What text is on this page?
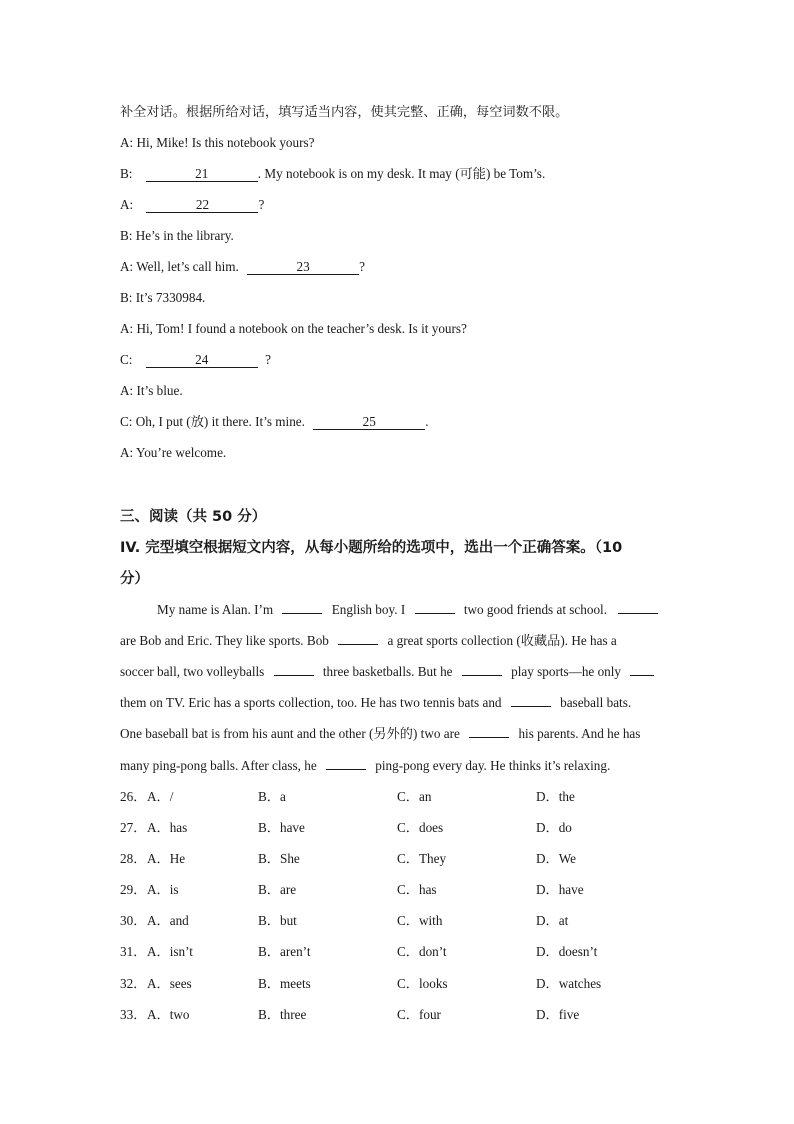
补全对话。根据所给对话，填写适当内容，使其完整、正确，每空词数不限。
A: Hi, Mike! Is this notebook yours?
B:	21	. My notebook is on my desk. It may (可能) be Tom’s.
A:	22	?
B: He’s in the library.
A: Well, let’s call him.	23	?
B: It’s 7330984.
A: Hi, Tom! I found a notebook on the teacher’s desk. Is it yours?
C:	24	?
A: It’s blue.
C: Oh, I put (放) it there. It’s mine.	25	.
A: You’re welcome.
三、阅读（共 50 分）
IV. 完型填空根据短文内容，从每小题所给的选项中，选出一个正确答案。（10
分）
My name is Alan. I’m	English boy. I	two good friends at school.
are Bob and Eric. They like sports. Bob	a great sports collection (收藏品). He has a
soccer ball, two volleyballs	three basketballs. But he	play sports—he only
them on TV. Eric has a sports collection, too. He has two tennis bats and	baseball bats.
One baseball bat is from his aunt and the other (另外的) two are	his parents. And he has
many ping-pong balls. After class, he	ping-pong every day. He thinks it’s relaxing.
26． A．/	B．a	C．an	D．the
27． A．has	B．have	C．does	D．do
28． A．He	B．She	C．They	D．We
29． A．is	B．are	C．has	D．have
30． A．and	B．but	C．with	D．at
31． A．isn’t	B．aren’t	C．don’t	D．doesn’t
32． A．sees	B．meets	C．looks	D．watches
33． A．two	B．three	C．four	D．five
